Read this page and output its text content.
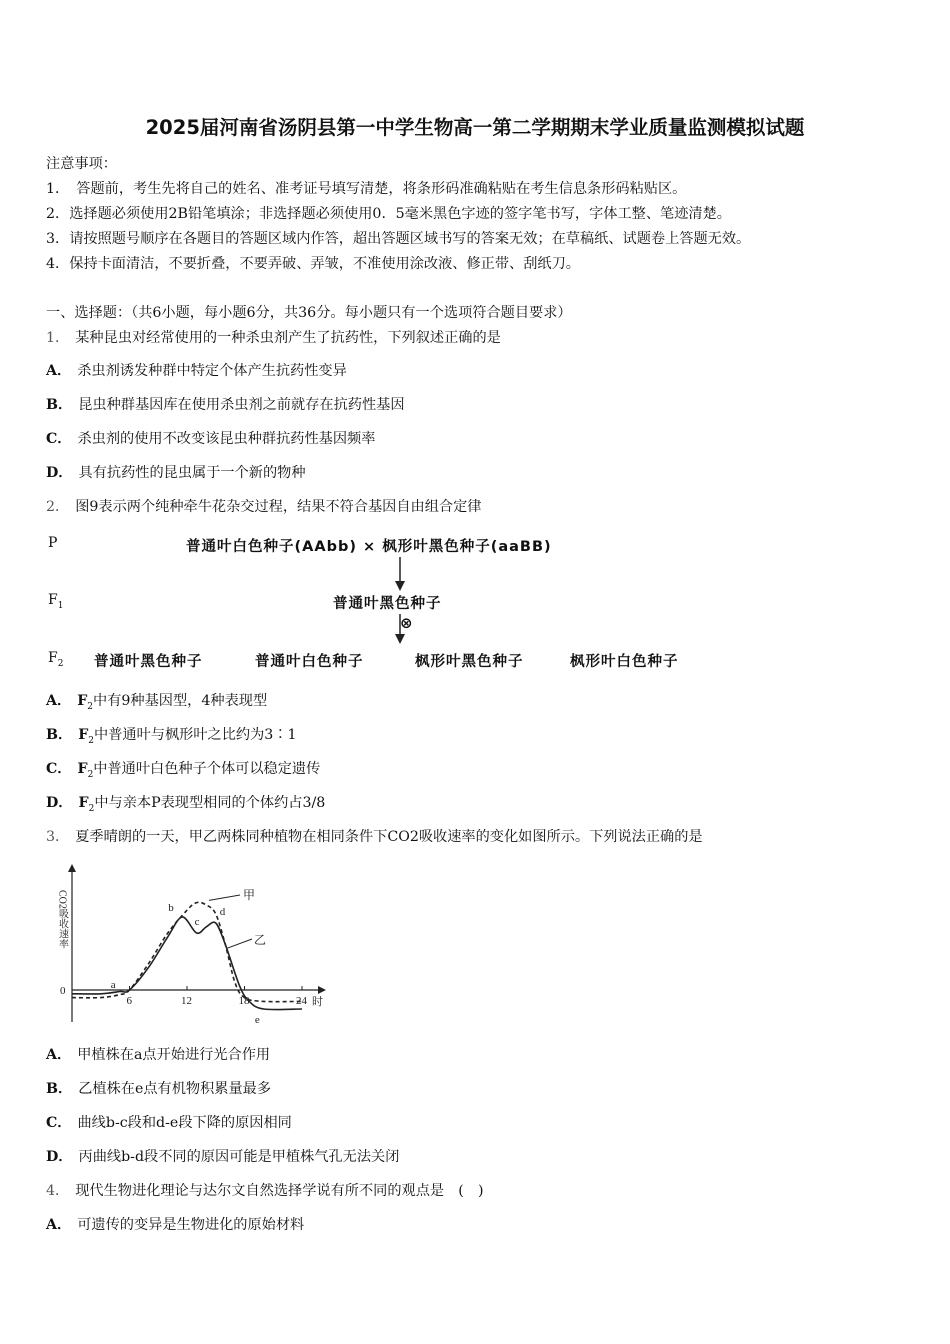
2025届河南省汤阴县第一中学生物高一第二学期期末学业质量监测模拟试题
注意事项：
1．　答题前，考生先将自己的姓名、准考证号填写清楚，将条形码准确粘贴在考生信息条形码粘贴区。
2．选择题必须使用2B铅笔填涂；非选择题必须使用0．5毫米黑色字迹的签字笔书写，字体工整、笔迹清楚。
3．请按照题号顺序在各题目的答题区域内作答，超出答题区域书写的答案无效；在草稿纸、试题卷上答题无效。
4．保持卡面清洁，不要折叠，不要弄破、弄皱，不准使用涂改液、修正带、刮纸刀。
一、选择题：（共6小题，每小题6分，共36分。每小题只有一个选项符合题目要求）
1． 某种昆虫对经常使用的一种杀虫剂产生了抗药性，下列叙述正确的是
A． 杀虫剂诱发种群中特定个体产生抗药性变异
B． 昆虫种群基因库在使用杀虫剂之前就存在抗药性基因
C． 杀虫剂的使用不改变该昆虫种群抗药性基因频率
D． 具有抗药性的昆虫属于一个新的物种
2． 图9表示两个纯种牵牛花杂交过程，结果不符合基因自由组合定律
P
$F_1$
$F_2$
普通叶白色种子(AAbb) × 枫形叶黑色种子(aaBB)
普通叶黑色种子
⊗
普通叶黑色种子	普通叶白色种子	枫形叶黑色种子	枫形叶白色种子
A． $F_2$中有9种基因型，4种表现型
B． $F_2$中普通叶与枫形叶之比约为3∶1
C． $F_2$中普通叶白色种子个体可以稳定遗传
D． $F_2$中与亲本P表现型相同的个体约占3/8
3． 夏季晴朗的一天，甲乙两株同种植物在相同条件下CO2吸收速率的变化如图所示。下列说法正确的是
CO2吸收速率
时
0
6	12	18	24
a
b
c
d
e
甲
乙
A． 甲植株在a点开始进行光合作用
B． 乙植株在e点有机物积累量最多
C． 曲线b-c段和d-e段下降的原因相同
D． 丙曲线b-d段不同的原因可能是甲植株气孔无法关闭
4． 现代生物进化理论与达尔文自然选择学说有所不同的观点是　(　)
A． 可遗传的变异是生物进化的原始材料
